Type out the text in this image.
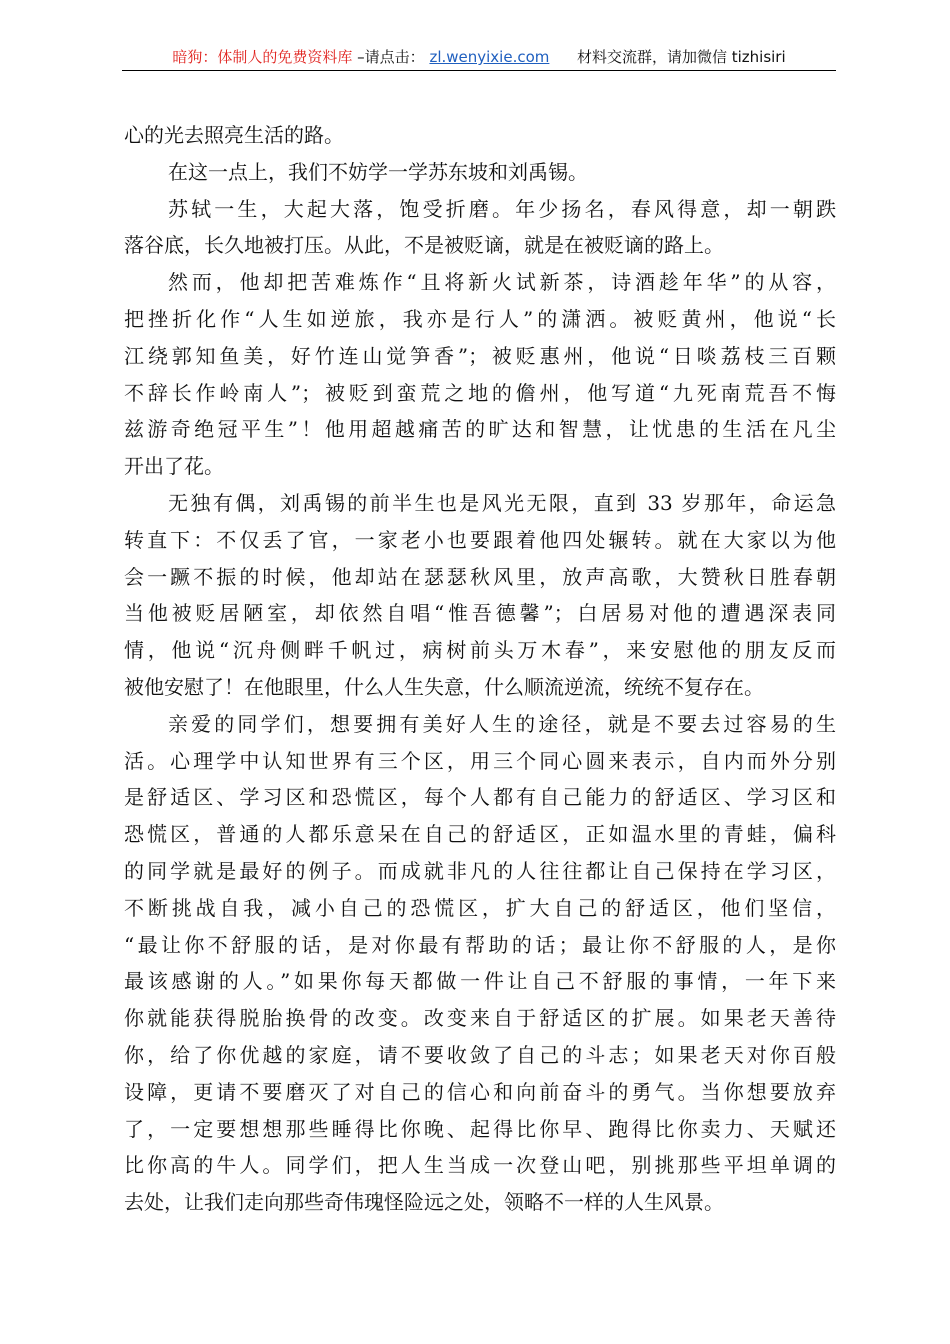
暗狗：体制人的免费资料库 –请点击： zl.wenyixie.com 材料交流群，请加微信 tizhisiri
心的光去照亮生活的路。
在这一点上，我们不妨学一学苏东坡和刘禹锡。
苏轼一生，大起大落，饱受折磨。年少扬名，春风得意，却一朝跌
落谷底，长久地被打压。从此，不是被贬谪，就是在被贬谪的路上。
然而，他却把苦难炼作“且将新火试新茶，诗酒趁年华”的从容，
把挫折化作“人生如逆旅，我亦是行人”的潇洒。被贬黄州，他说“长
江绕郭知鱼美，好竹连山觉笋香”；被贬惠州，他说“日啖荔枝三百颗
不辞长作岭南人”；被贬到蛮荒之地的儋州，他写道“九死南荒吾不悔
兹游奇绝冠平生”！他用超越痛苦的旷达和智慧，让忧患的生活在凡尘
开出了花。
无独有偶，刘禹锡的前半生也是风光无限，直到 33 岁那年，命运急
转直下：不仅丢了官，一家老小也要跟着他四处辗转。就在大家以为他
会一蹶不振的时候，他却站在瑟瑟秋风里，放声高歌，大赞秋日胜春朝
当他被贬居陋室，却依然自唱“惟吾德馨”；白居易对他的遭遇深表同
情，他说“沉舟侧畔千帆过，病树前头万木春”，来安慰他的朋友反而
被他安慰了！在他眼里，什么人生失意，什么顺流逆流，统统不复存在。
亲爱的同学们，想要拥有美好人生的途径，就是不要去过容易的生
活。心理学中认知世界有三个区，用三个同心圆来表示，自内而外分别
是舒适区、学习区和恐慌区，每个人都有自己能力的舒适区、学习区和
恐慌区，普通的人都乐意呆在自己的舒适区，正如温水里的青蛙，偏科
的同学就是最好的例子。而成就非凡的人往往都让自己保持在学习区，
不断挑战自我，减小自己的恐慌区，扩大自己的舒适区，他们坚信，
“最让你不舒服的话，是对你最有帮助的话；最让你不舒服的人，是你
最该感谢的人。”如果你每天都做一件让自己不舒服的事情，一年下来
你就能获得脱胎换骨的改变。改变来自于舒适区的扩展。如果老天善待
你，给了你优越的家庭，请不要收敛了自己的斗志；如果老天对你百般
设障，更请不要磨灭了对自己的信心和向前奋斗的勇气。当你想要放弃
了，一定要想想那些睡得比你晚、起得比你早、跑得比你卖力、天赋还
比你高的牛人。同学们，把人生当成一次登山吧，别挑那些平坦单调的
去处，让我们走向那些奇伟瑰怪险远之处，领略不一样的人生风景。
